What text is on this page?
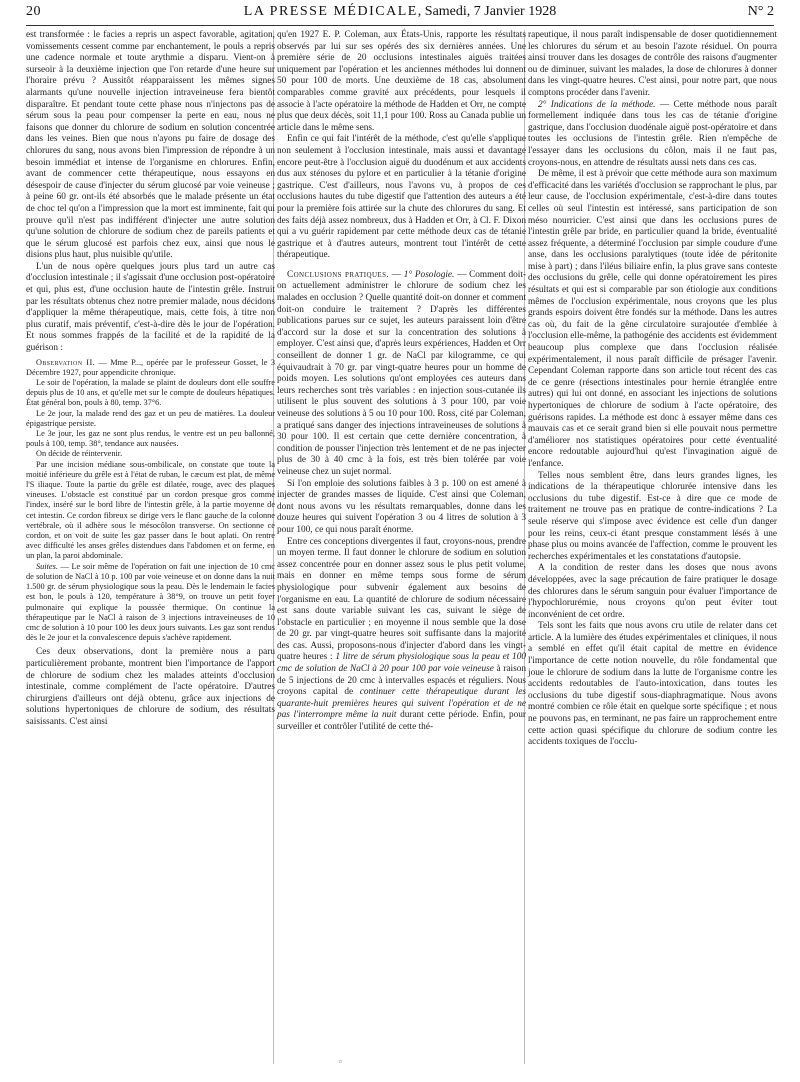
20	LA PRESSE MÉDICALE, Samedi, 7 Janvier 1928	N° 2

est transformée : le facies a repris un aspect favorable, agitation, vomissements cessent comme par enchantement, le pouls a repris une cadence normale et toute arythmie a disparu. Vient-on à surseoir à la deuxième injection que l'on retarde d'une heure sur l'horaire prévu ? Aussitôt réapparaissent les mêmes signes alarmants qu'une nouvelle injection intraveineuse fera bientôt disparaître. Et pendant toute cette phase nous n'injectons pas de sérum sous la peau pour compenser la perte en eau, nous ne faisons que donner du chlorure de sodium en solution concentrée dans les veines. Bien que nous n'ayons pu faire de dosage des chlorures du sang, nous avons bien l'impression de répondre à un besoin immédiat et intense de l'organisme en chlorures. Enfin, avant de commencer cette thérapeutique, nous essayons en désespoir de cause d'injecter du sérum glucosé par voie veineuse ; à peine 60 gr. ont-ils été absorbés que le malade présente un état de choc tel qu'on a l'impression que la mort est imminente, fait qui prouve qu'il n'est pas indifférent d'injecter une autre solution qu'une solution de chlorure de sodium chez de pareils patients et que le sérum glucosé est parfois chez eux, ainsi que nous le disions plus haut, plus nuisible qu'utile.

L'un de nous opère quelques jours plus tard un autre cas d'occlusion intestinale ; il s'agissait d'une occlusion post-opératoire et qui, plus est, d'une occlusion haute de l'intestin grêle. Instruit par les résultats obtenus chez notre premier malade, nous décidons d'appliquer la même thérapeutique, mais, cette fois, à titre non plus curatif, mais préventif, c'est-à-dire dès le jour de l'opération. Et nous sommes frappés de la facilité et de la rapidité de la guérison :

Observation II. — Mme P..., opérée par le professeur Gosset, le 3 Décembre 1927, pour appendicite chronique.

Le soir de l'opération, la malade se plaint de douleurs dont elle souffre depuis plus de 10 ans, et qu'elle met sur le compte de douleurs hépatiques. État général bon, pouls à 80, temp. 37°6.

Le 2e jour, la malade rend des gaz et un peu de matières. La douleur épigastrique persiste.

Le 3e jour, les gaz ne sont plus rendus, le ventre est un peu ballonné, pouls à 100, temp. 38°, tendance aux nausées.

On décide de réintervenir.

Par une incision médiane sous-ombilicale, on constate que toute la moitié inférieure du grêle est à l'état de ruban, le cæcum est plat, de même l'S iliaque. Toute la partie du grêle est dilatée, rouge, avec des plaques vineuses. L'obstacle est constitué par un cordon presque gros comme l'index, inséré sur le bord libre de l'intestin grêle, à la partie moyenne de cet intestin. Ce cordon fibreux se dirige vers le flanc gauche de la colonne vertébrale, où il adhère sous le mésocôlon transverse. On sectionne ce cordon, et on voit de suite les gaz passer dans le bout aplati. On rentre avec difficulté les anses grêles distendues dans l'abdomen et on ferme, en un plan, la paroi abdominale.

Suites. — Le soir même de l'opération on fait une injection de 10 cmc de solution de NaCl à 10 p. 100 par voie veineuse et on donne dans la nuit 1.500 gr. de sérum physiologique sous la peau. Dès le lendemain le facies est bon, le pouls à 120, température à 38°9, on trouve un petit foyer pulmonaire qui explique la poussée thermique. On continue la thérapeutique par le NaCl à raison de 3 injections intraveineuses de 10 cmc de solution à 10 pour 100 les deux jours suivants. Les gaz sont rendus dès le 2e jour et la convalescence depuis s'achève rapidement.

Ces deux observations, dont la première nous a paru particulièrement probante, montrent bien l'importance de l'apport de chlorure de sodium chez les malades atteints d'occlusion intestinale, comme complément de l'acte opératoire. D'autres chirurgiens d'ailleurs ont déjà obtenu, grâce aux injections de solutions hypertoniques de chlorure de sodium, des résultats saisissants. C'est ainsi

qu'en 1927 E. P. Coleman, aux États-Unis, rapporte les résultats observés par lui sur ses opérés des six dernières années. Une première série de 20 occlusions intestinales aiguës traitées uniquement par l'opération et les anciennes méthodes lui donnent 50 pour 100 de morts. Une deuxième de 18 cas, absolument comparables comme gravité aux précédents, pour lesquels il associe à l'acte opératoire la méthode de Hadden et Orr, ne compte plus que deux décès, soit 11,1 pour 100. Ross au Canada publie un article dans le même sens.

Enfin ce qui fait l'intérêt de la méthode, c'est qu'elle s'applique non seulement à l'occlusion intestinale, mais aussi et davantage encore peut-être à l'occlusion aiguë du duodénum et aux accidents dus aux sténoses du pylore et en particulier à la tétanie d'origine gastrique. C'est d'ailleurs, nous l'avons vu, à propos de ces occlusions hautes du tube digestif que l'attention des auteurs a été pour la première fois attirée sur la chute des chlorures du sang. Et des faits déjà assez nombreux, dus à Hadden et Orr, à Cl. F. Dixon qui a vu guérir rapidement par cette méthode deux cas de tétanie gastrique et à d'autres auteurs, montrent tout l'intérêt de cette thérapeutique.

Conclusions pratiques. — 1° Posologie. — Comment doit-on actuellement administrer le chlorure de sodium chez les malades en occlusion ? Quelle quantité doit-on donner et comment doit-on conduire le traitement ? D'après les différentes publications parues sur ce sujet, les auteurs paraissent loin d'être d'accord sur la dose et sur la concentration des solutions à employer. C'est ainsi que, d'après leurs expériences, Hadden et Orr conseillent de donner 1 gr. de NaCl par kilogramme, ce qui équivaudrait à 70 gr. par vingt-quatre heures pour un homme de poids moyen. Les solutions qu'ont employées ces auteurs dans leurs recherches sont très variables : en injection sous-cutanée ils utilisent le plus souvent des solutions à 3 pour 100, par voie veineuse des solutions à 5 ou 10 pour 100. Ross, cité par Coleman, a pratiqué sans danger des injections intraveineuses de solutions à 30 pour 100. Il est certain que cette dernière concentration, à condition de pousser l'injection très lentement et de ne pas injecter plus de 30 à 40 cmc à la fois, est très bien tolérée par voie veineuse chez un sujet normal.

Si l'on emploie des solutions faibles à 3 p. 100 on est amené à injecter de grandes masses de liquide. C'est ainsi que Coleman, dont nous avons vu les résultats remarquables, donne dans les douze heures qui suivent l'opération 3 ou 4 litres de solution à 3 pour 100, ce qui nous paraît énorme.

Entre ces conceptions divergentes il faut, croyons-nous, prendre un moyen terme. Il faut donner le chlorure de sodium en solution assez concentrée pour en donner assez sous le plus petit volume, mais en donner en même temps sous forme de sérum physiologique pour subvenir également aux besoins de l'organisme en eau. La quantité de chlorure de sodium nécessaire est sans doute variable suivant les cas, suivant le siège de l'obstacle en particulier ; en moyenne il nous semble que la dose de 20 gr. par vingt-quatre heures soit suffisante dans la majorité des cas. Aussi, proposons-nous d'injecter d'abord dans les vingt-quatre heures : 1 litre de sérum physiologique sous la peau et 100 cmc de solution de NaCl à 20 pour 100 par voie veineuse à raison de 5 injections de 20 cmc à intervalles espacés et réguliers. Nous croyons capital de continuer cette thérapeutique durant les quarante-huit premières heures qui suivent l'opération et de ne pas l'interrompre même la nuit durant cette période. Enfin, pour surveiller et contrôler l'utilité de cette thé-

rapeutique, il nous paraît indispensable de doser quotidiennement les chlorures du sérum et au besoin l'azote résiduel. On pourra ainsi trouver dans les dosages de contrôle des raisons d'augmenter ou de diminuer, suivant les malades, la dose de chlorures à donner dans les vingt-quatre heures. C'est ainsi, pour notre part, que nous comptons procéder dans l'avenir.

2° Indications de la méthode. — Cette méthode nous paraît formellement indiquée dans tous les cas de tétanie d'origine gastrique, dans l'occlusion duodénale aiguë post-opératoire et dans toutes les occlusions de l'intestin grêle. Rien n'empêche de l'essayer dans les occlusions du côlon, mais il ne faut pas, croyons-nous, en attendre de résultats aussi nets dans ces cas.

De même, il est à prévoir que cette méthode aura son maximum d'efficacité dans les variétés d'occlusion se rapprochant le plus, par leur cause, de l'occlusion expérimentale, c'est-à-dire dans toutes celles où seul l'intestin est intéressé, sans participation de son méso nourricier. C'est ainsi que dans les occlusions pures de l'intestin grêle par bride, en particulier quand la bride, éventualité assez fréquente, a déterminé l'occlusion par simple coudure d'une anse, dans les occlusions paralytiques (toute idée de péritonite mise à part) ; dans l'iléus biliaire enfin, la plus grave sans conteste des occlusions du grêle, celle qui donne opératoirement les pires résultats et qui est si comparable par son étiologie aux conditions mêmes de l'occlusion expérimentale, nous croyons que les plus grands espoirs doivent être fondés sur la méthode. Dans les autres cas où, du fait de la gêne circulatoire surajoutée d'emblée à l'occlusion elle-même, la pathogénie des accidents est évidemment beaucoup plus complexe que dans l'occlusion réalisée expérimentalement, il nous paraît difficile de présager l'avenir. Cependant Coleman rapporte dans son article tout récent des cas de ce genre (résections intestinales pour hernie étranglée entre autres) qui lui ont donné, en associant les injections de solutions hypertoniques de chlorure de sodium à l'acte opératoire, des guérisons rapides. La méthode est donc à essayer même dans ces mauvais cas et ce serait grand bien si elle pouvait nous permettre d'améliorer nos statistiques opératoires pour cette éventualité encore redoutable aujourd'hui qu'est l'invagination aiguë de l'enfance.

Telles nous semblent être, dans leurs grandes lignes, les indications de la thérapeutique chlorurée intensive dans les occlusions du tube digestif. Est-ce à dire que ce mode de traitement ne trouve pas en pratique de contre-indications ? La seule réserve qui s'impose avec évidence est celle d'un danger pour les reins, ceux-ci étant presque constamment lésés à une phase plus ou moins avancée de l'affection, comme le prouvent les recherches expérimentales et les constatations d'autopsie.

A la condition de rester dans les doses que nous avons développées, avec la sage précaution de faire pratiquer le dosage des chlorures dans le sérum sanguin pour évaluer l'importance de l'hypochlorurémie, nous croyons qu'on peut éviter tout inconvénient de cet ordre.

Tels sont les faits que nous avons cru utile de relater dans cet article. A la lumière des études expérimentales et cliniques, il nous a semblé en effet qu'il était capital de mettre en évidence l'importance de cette notion nouvelle, du rôle fondamental que joue le chlorure de sodium dans la lutte de l'organisme contre les accidents redoutables de l'auto-intoxication, dans toutes les occlusions du tube digestif sous-diaphragmatique. Nous avons montré combien ce rôle était en quelque sorte spécifique ; et nous ne pouvons pas, en terminant, ne pas faire un rapprochement entre cette action quasi spécifique du chlorure de sodium contre les accidents toxiques de l'occlu-

◦
